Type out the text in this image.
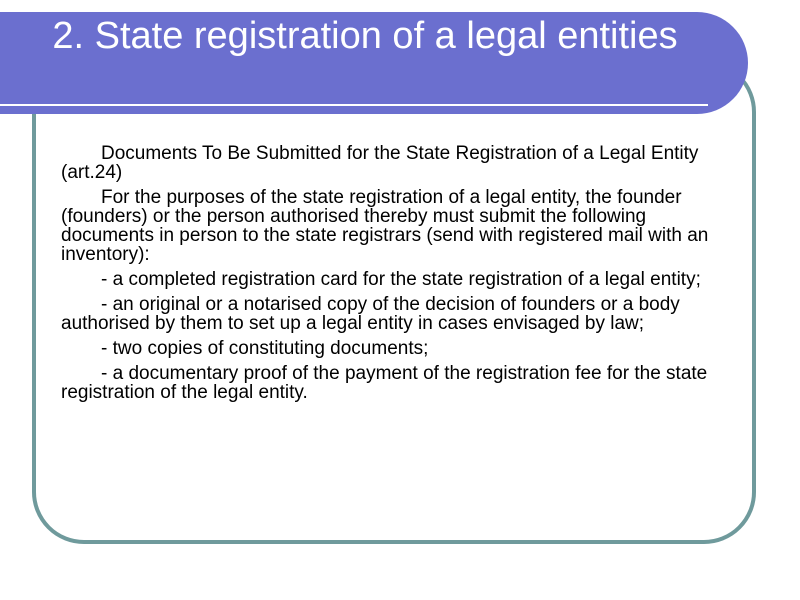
2. State registration of a legal entities

Documents To Be Submitted for the State Registration of a Legal Entity (art.24)

For the purposes of the state registration of a legal entity, the founder (founders) or the person authorised thereby must submit the following documents in person to the state registrars (send with registered mail with an inventory):

- a completed registration card for the state registration of a legal entity;

- an original or a notarised copy of the decision of founders or a body authorised by them to set up a legal entity in cases envisaged by law;

- two copies of constituting documents;

- a documentary proof of the payment of the registration fee for the state registration of the legal entity.
